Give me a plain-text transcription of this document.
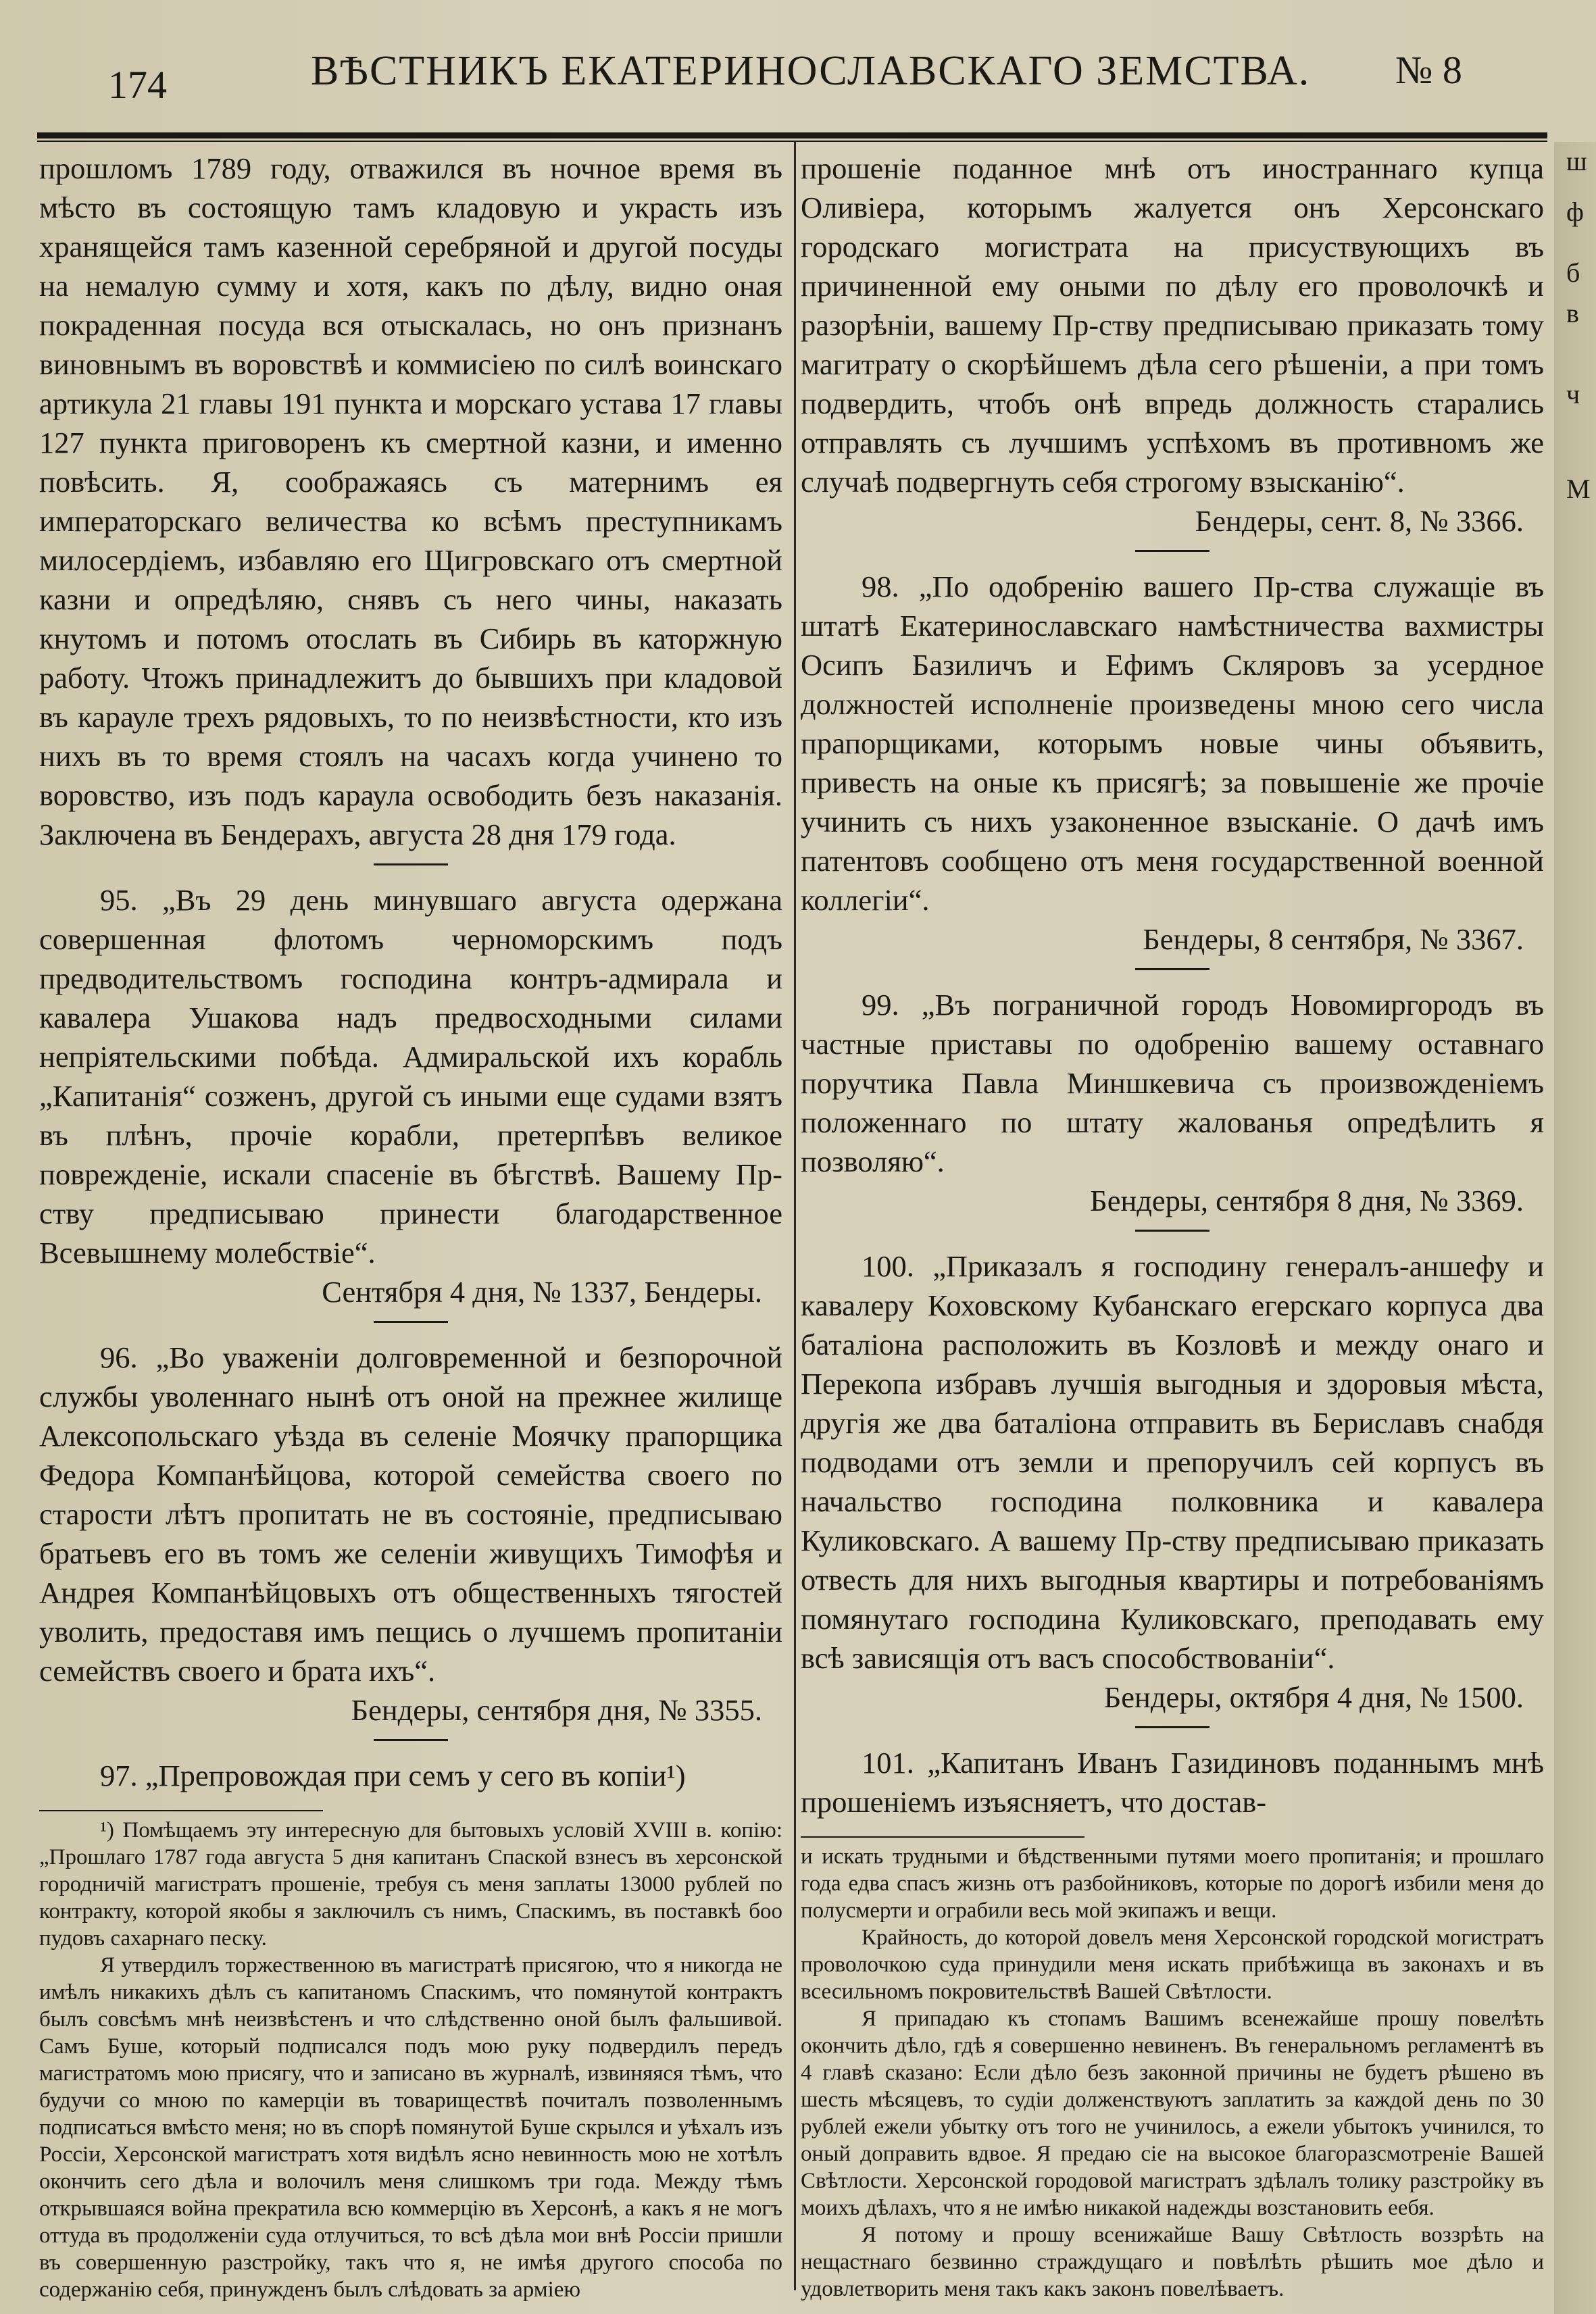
174	ВѢСТНИКЪ ЕКАТЕРИНОСЛАВСКАГО ЗЕМСТВА. № 8

прошломъ 1789 году, отважился въ ночное время въ мѣсто въ состоящую тамъ кладовую и украсть изъ хранящейся тамъ казенной серебряной и другой посуды на немалую сумму и хотя, какъ по дѣлу, видно оная покраденная посуда вся отыскалась, но онъ признанъ виновнымъ въ воровствѣ и коммисiею по силѣ воинскаго артикула 21 главы 191 пункта и морскаго устава 17 главы 127 пункта приговоренъ къ смертной казни, и именно повѣсить. Я, соображаясь съ матернимъ ея императорскаго величества ко всѣмъ преступникамъ милосердiемъ, избавляю его Щигровскаго отъ смертной казни и опредѣляю, снявъ съ него чины, наказать кнутомъ и потомъ отослать въ Сибирь въ каторжную работу. Чтожъ принадлежитъ до бывшихъ при кладовой въ карауле трехъ рядовыхъ, то по неизвѣстности, кто изъ нихъ въ то время стоялъ на часахъ когда учинено то воровство, изъ подъ караула освободить безъ наказанiя. Заключена въ Бендерахъ, августа 28 дня 179 года.

95. „Въ 29 день минувшаго августа одержана совершенная флотомъ черноморскимъ подъ предводительствомъ господина контръ-адмирала и кавалера Ушакова надъ предвосходными силами непрiятельскими побѣда. Адмиральской ихъ корабль „Капитанiя“ созженъ, другой съ иными еще судами взятъ въ плѣнъ, прочiе корабли, претерпѣвъ великое поврежденiе, искали спасенiе въ бѣгствѣ. Вашему Пр-ству предписываю принести благодарственное Всевышнему молебствiе“.

Сентября 4 дня, № 1337, Бендеры.

96. „Во уваженiи долговременной и безпорочной службы уволеннаго нынѣ отъ оной на прежнее жилище Алексопольскаго уѣзда въ селенiе Моячку прапорщика Федора Компанѣйцова, которой семейства своего по старости лѣтъ пропитать не въ состоянiе, предписываю братьевъ его въ томъ же селенiи живущихъ Тимофѣя и Андрея Компанѣйцовыхъ отъ общественныхъ тягостей уволить, предоставя имъ пещись о лучшемъ пропитанiи семействъ своего и брата ихъ“.

Бендеры, сентября дня, № 3355.

97. „Препровождая при семъ у сего въ копiи¹)

¹) Помѣщаемъ эту интересную для бытовыхъ условiй XVIII в. копiю: „Прошлаго 1787 года августа 5 дня капитанъ Спаской взнесъ въ херсонской городничiй магистратъ прошенiе, требуя съ меня заплаты 13000 рублей по контракту, которой якобы я заключилъ съ нимъ, Спаскимъ, въ поставкѣ бoo пудовъ сахарнаго песку.

Я утвердилъ торжественною въ магистратѣ присягою, что я никогда не имѣлъ никакихъ дѣлъ съ капитаномъ Спаскимъ, что помянутой контрактъ былъ совсѣмъ мнѣ неизвѣстенъ и что слѣдственно оной былъ фальшивой. Самъ Буше, который подписался подъ мою руку подвердилъ передъ магистратомъ мою присягу, что и записано въ журналѣ, извиняяся тѣмъ, что будучи со мною по камерцiи въ товариществѣ почиталъ позволеннымъ подписаться вмѣсто меня; но въ спорѣ помянутой Буше скрылся и уѣхалъ изъ Россiи, Херсонской магистратъ хотя видѣлъ ясно невинность мою не хотѣлъ окончить сего дѣла и волочилъ меня слишкомъ три года. Между тѣмъ открывшаяся война прекратила всю коммерцiю въ Херсонѣ, а какъ я не могъ оттуда въ продолженiи суда отлучиться, то всѣ дѣла мои внѣ Россiи пришли въ совершенную разстройку, такъ что я, не имѣя другого способа по содержанiю себя, принужденъ былъ слѣдовать за армiею

прошенiе поданное мнѣ отъ иностраннаго купца Оливiера, которымъ жалуется онъ Херсонскаго городскаго могистрата на присуствующихъ въ причиненной ему оными по дѣлу его проволочкѣ и разорѣнiи, вашему Пр-ству предписываю приказать тому магитрату о скорѣйшемъ дѣла сего рѣшенiи, а при томъ подвердить, чтобъ онѣ впредь должность старались отправлять съ лучшимъ успѣхомъ въ противномъ же случаѣ подвергнуть себя строгому взысканiю“.

Бендеры, сент. 8, № 3366.

98. „По одобренiю вашего Пр-ства служащiе въ штатѣ Екатеринославскаго намѣстничества вахмистры Осипъ Базиличъ и Ефимъ Скляровъ за усердное должностей исполненiе произведены мною сего числа прапорщиками, которымъ новые чины объявить, привесть на оные къ присягѣ; за повышенiе же прочiе учинить съ нихъ узаконенное взысканiе. О дачѣ имъ патентовъ сообщено отъ меня государственной военной коллегiи“.

Бендеры, 8 сентября, № 3367.

99. „Въ пограничной городъ Новомиргородъ въ частные приставы по одобренiю вашему оставнаго поручтика Павла Миншкевича съ произвожденiемъ положеннаго по штату жалованья опредѣлить я позволяю“.

Бендеры, сентября 8 дня, № 3369.

100. „Приказалъ я господину генералъ-аншефу и кавалеру Коховскому Кубанскаго егерскаго корпуса два баталiона расположить въ Козловѣ и между онаго и Перекопа избравъ лучшiя выгодныя и здоровыя мѣста, другiя же два баталiона отправить въ Бериславъ снабдя подводами отъ земли и препоручилъ сей корпусъ въ начальство господина полковника и кавалера Куликовскаго. А вашему Пр-ству предписываю приказать отвесть для нихъ выгодныя квартиры и потребованiямъ помянутаго господина Куликовскаго, преподавать ему всѣ зависящiя отъ васъ способствованiи“.

Бендеры, октября 4 дня, № 1500.

101. „Капитанъ Иванъ Газидиновъ поданнымъ мнѣ прошенiемъ изъясняетъ, что достав-

и искать трудными и бѣдственными путями моего пропитанiя; и прошлаго года едва спасъ жизнь отъ разбойниковъ, которые по дорогѣ избили меня до полусмерти и ограбили весь мой экипажъ и вещи.

Крайность, до которой довелъ меня Херсонской городской могистратъ проволочкою суда принудили меня искать прибѣжища въ законахъ и въ всесильномъ покровительствѣ Вашей Свѣтлости.

Я припадаю къ стопамъ Вашимъ всенежайше прошу повелѣть окончить дѣло, гдѣ я совершенно невиненъ. Въ генеральномъ регламентѣ въ 4 главѣ сказано: Если дѣло безъ законной причины не будетъ рѣшено въ шесть мѣсяцевъ, то судiи долженствуютъ заплатить за каждой день по 30 рублей ежели убытку отъ того не учинилось, а ежели убытокъ учинился, то оный доправить вдвое. Я предаю сiе на высокое благоразсмотренiе Вашей Свѣтлости. Херсонской городовой магистратъ здѣлалъ толику разстройку въ моихъ дѣлахъ, что я не имѣю никакой надежды возстановить еебя.

Я потому и прошу всенижайше Вашу Свѣтлость воззрѣть на нещастнаго безвинно страждущаго и повѣлѣть рѣшить мое дѣло и удовлетворить меня такъ какъ законъ повелѣваетъ.

ш
ф
б
в
ч
М
